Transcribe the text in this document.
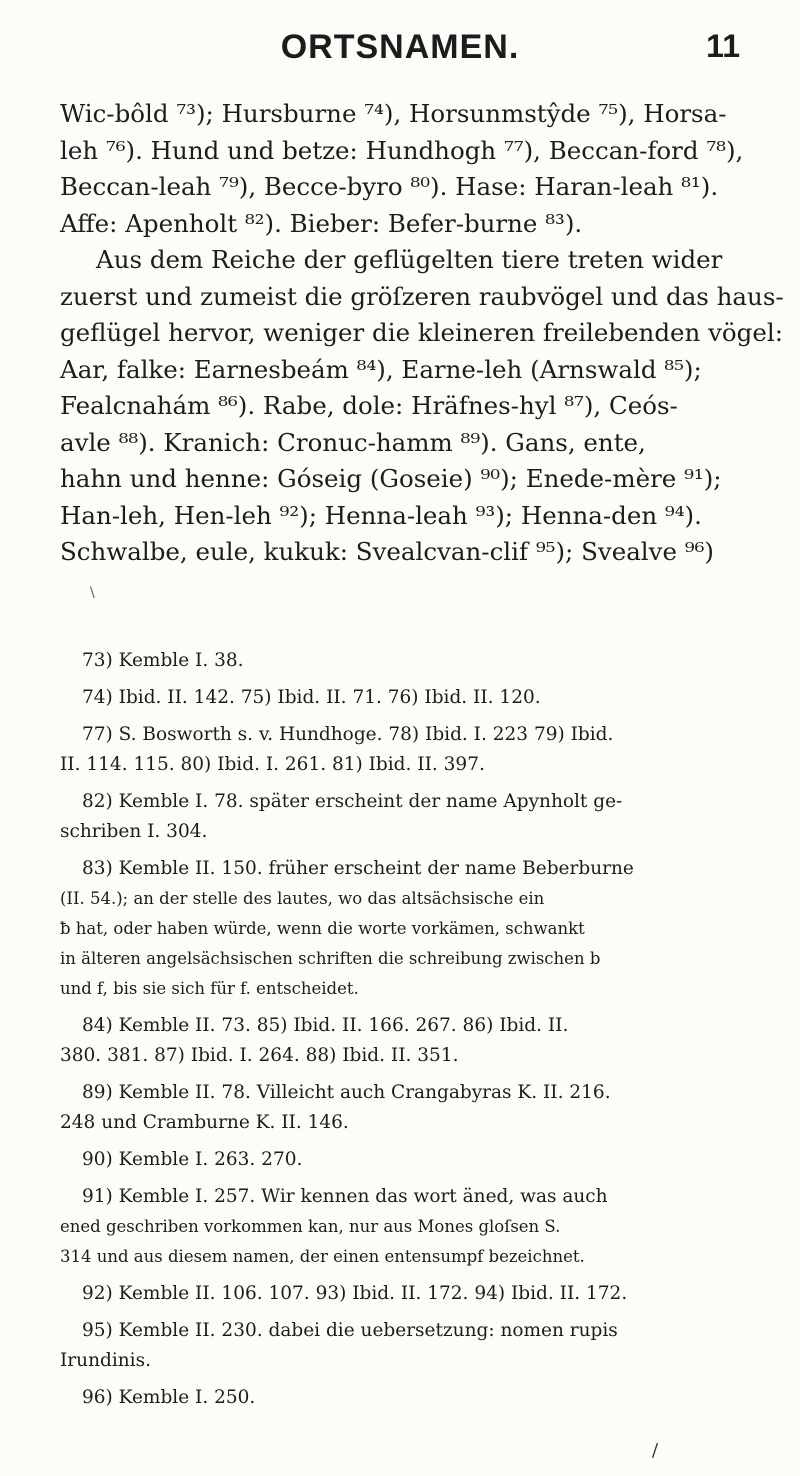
ORTSNAMEN.	11

Wic-bôld ⁷³); Hursburne ⁷⁴), Horsunmstŷde ⁷⁵), Horsa-
leh ⁷⁶). Hund und betze: Hundhogh ⁷⁷), Beccan-ford ⁷⁸),
Beccan-leah ⁷⁹), Becce-byro ⁸⁰). Hase: Haran-leah ⁸¹).
Affe: Apenholt ⁸²). Bieber: Befer-burne ⁸³).

Aus dem Reiche der geflügelten tiere treten wider
zuerst und zumeist die gröſzeren raubvögel und das haus-
geflügel hervor, weniger die kleineren freilebenden vögel:
Aar, falke: Earnesbeám ⁸⁴), Earne-leh (Arnswald ⁸⁵);
Fealcnahám ⁸⁶). Rabe, dole: Hräfnes-hyl ⁸⁷), Ceós-
avle ⁸⁸). Kranich: Cronuc-hamm ⁸⁹). Gans, ente,
hahn und henne: Góseig (Goseie) ⁹⁰); Enede-mère ⁹¹);
Han-leh, Hen-leh ⁹²); Henna-leah ⁹³); Henna-den ⁹⁴).
Schwalbe, eule, kukuk: Svealcvan-clif ⁹⁵); Svealve ⁹⁶)

\
73) Kemble I. 38.
74) Ibid. II. 142. 75) Ibid. II. 71. 76) Ibid. II. 120.
77) S. Bosworth s. v. Hundhoge. 78) Ibid. I. 223 79) Ibid.
II. 114. 115. 80) Ibid. I. 261. 81) Ibid. II. 397.
82) Kemble I. 78. später erscheint der name Apynholt ge-
schriben I. 304.
83) Kemble II. 150. früher erscheint der name Beberburne
(II. 54.); an der stelle des lautes, wo das altsächsische ein
ƀ hat, oder haben würde, wenn die worte vorkämen, schwankt
in älteren angelsächsischen schriften die schreibung zwischen b
und f, bis sie sich für f. entscheidet.
84) Kemble II. 73. 85) Ibid. II. 166. 267. 86) Ibid. II.
380. 381. 87) Ibid. I. 264. 88) Ibid. II. 351.
89) Kemble II. 78. Villeicht auch Crangabyras K. II. 216.
248 und Cramburne K. II. 146.
90) Kemble I. 263. 270.
91) Kemble I. 257. Wir kennen das wort äned, was auch
ened geschriben vorkommen kan, nur aus Mones gloſsen S.
314 und aus diesem namen, der einen entensumpf bezeichnet.
92) Kemble II. 106. 107. 93) Ibid. II. 172. 94) Ibid. II. 172.
95) Kemble II. 230. dabei die uebersetzung: nomen rupis
Irundinis.
96) Kemble I. 250.
/
